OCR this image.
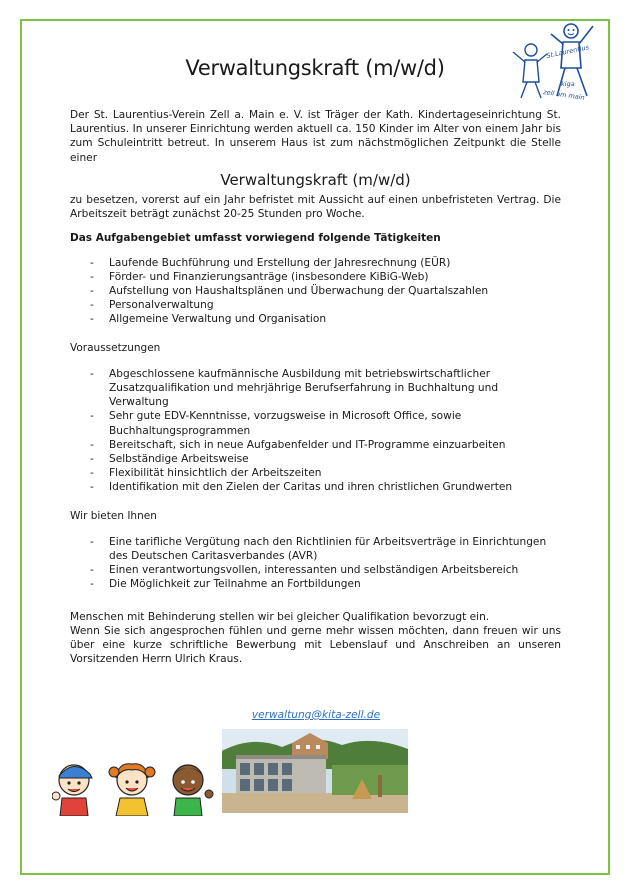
Verwaltungskraft (m/w/d)
St.Laurentius
kiga
zell am main

Der St. Laurentius-Verein Zell a. Main e. V. ist Träger der Kath. Kindertageseinrichtung St. Laurentius. In unserer Einrichtung werden aktuell ca. 150 Kinder im Alter von einem Jahr bis zum Schuleintritt betreut. In unserem Haus ist zum nächstmöglichen Zeitpunkt die Stelle einer

Verwaltungskraft (m/w/d)

zu besetzen, vorerst auf ein Jahr befristet mit Aussicht auf einen unbefristeten Vertrag. Die Arbeitszeit beträgt zunächst 20-25 Stunden pro Woche.

Das Aufgabengebiet umfasst vorwiegend folgende Tätigkeiten

- Laufende Buchführung und Erstellung der Jahresrechnung (EÜR)
- Förder- und Finanzierungsanträge (insbesondere KiBiG-Web)
- Aufstellung von Haushaltsplänen und Überwachung der Quartalszahlen
- Personalverwaltung
- Allgemeine Verwaltung und Organisation

Voraussetzungen

- Abgeschlossene kaufmännische Ausbildung mit betriebswirtschaftlicher Zusatzqualifikation und mehrjährige Berufserfahrung in Buchhaltung und Verwaltung
- Sehr gute EDV-Kenntnisse, vorzugsweise in Microsoft Office, sowie Buchhaltungsprogrammen
- Bereitschaft, sich in neue Aufgabenfelder und IT-Programme einzuarbeiten
- Selbständige Arbeitsweise
- Flexibilität hinsichtlich der Arbeitszeiten
- Identifikation mit den Zielen der Caritas und ihren christlichen Grundwerten

Wir bieten Ihnen

- Eine tarifliche Vergütung nach den Richtlinien für Arbeitsverträge in Einrichtungen des Deutschen Caritasverbandes (AVR)
- Einen verantwortungsvollen, interessanten und selbständigen Arbeitsbereich
- Die Möglichkeit zur Teilnahme an Fortbildungen

Menschen mit Behinderung stellen wir bei gleicher Qualifikation bevorzugt ein.

Wenn Sie sich angesprochen fühlen und gerne mehr wissen möchten, dann freuen wir uns über eine kurze schriftliche Bewerbung mit Lebenslauf und Anschreiben an unseren Vorsitzenden Herrn Ulrich Kraus.

verwaltung@kita-zell.de
